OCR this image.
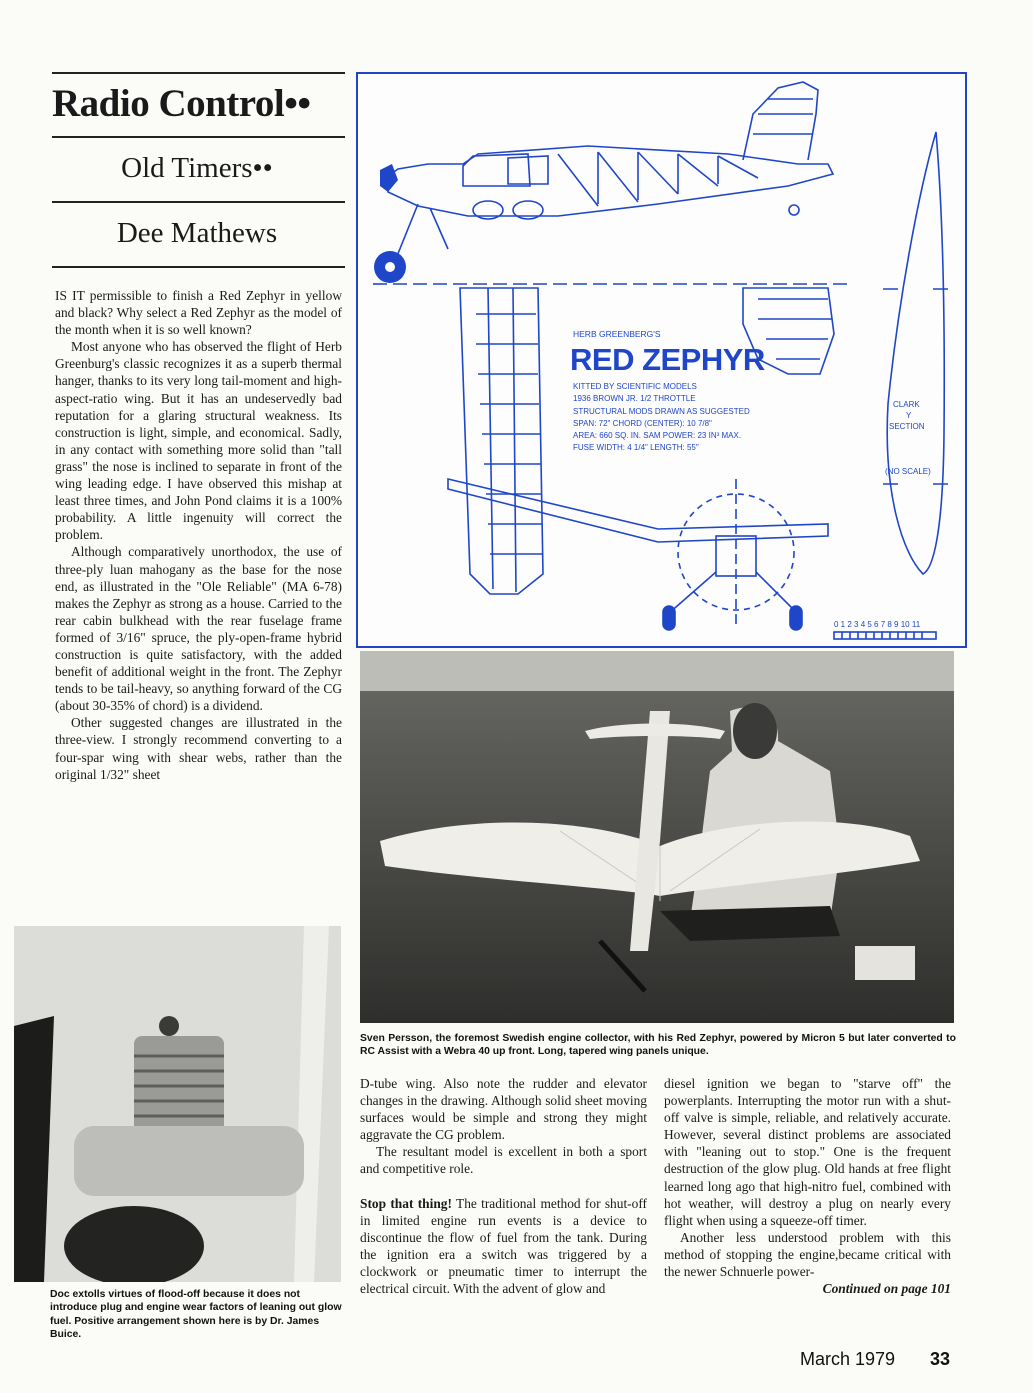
Radio Control••
Old Timers••
Dee Mathews

IS IT permissible to finish a Red Zephyr in yellow and black? Why select a Red Zephyr as the model of the month when it is so well known?

Most anyone who has observed the flight of Herb Greenburg's classic recognizes it as a superb thermal hanger, thanks to its very long tail-moment and high-aspect-ratio wing. But it has an undeservedly bad reputation for a glaring structural weakness. Its construction is light, simple, and economical. Sadly, in any contact with something more solid than "tall grass" the nose is inclined to separate in front of the wing leading edge. I have observed this mishap at least three times, and John Pond claims it is a 100% probability. A little ingenuity will correct the problem.

Although comparatively unorthodox, the use of three-ply luan mahogany as the base for the nose end, as illustrated in the "Ole Reliable" (MA 6-78) makes the Zephyr as strong as a house. Carried to the rear cabin bulkhead with the rear fuselage frame formed of 3/16" spruce, the ply-open-frame hybrid construction is quite satisfactory, with the added benefit of additional weight in the front. The Zephyr tends to be tail-heavy, so anything forward of the CG (about 30-35% of chord) is a dividend.

Other suggested changes are illustrated in the three-view. I strongly recommend converting to a four-spar wing with shear webs, rather than the original 1/32" sheet

HERB GREENBERG'S
RED ZEPHYR
KITTED BY SCIENTIFIC MODELS
1936 BROWN JR. 1/2 THROTTLE
STRUCTURAL MODS DRAWN AS SUGGESTED
SPAN: 72" CHORD (CENTER): 10 7/8"
AREA: 660 SQ. IN. SAM POWER: 23 IN³ MAX.
FUSE WIDTH: 4 1/4" LENGTH: 55"
CLARK
Y
SECTION
(NO SCALE)
0 1 2 3 4 5 6 7 8 9 10 11
Sven Persson, the foremost Swedish engine collector, with his Red Zephyr, powered by Micron 5 but later converted to RC Assist with a Webra 40 up front. Long, tapered wing panels unique.
Doc extolls virtues of flood-off because it does not introduce plug and engine wear factors of leaning out glow fuel. Positive arrangement shown here is by Dr. James Buice.

D-tube wing. Also note the rudder and elevator changes in the drawing. Although solid sheet moving surfaces would be simple and strong they might aggravate the CG problem.

The resultant model is excellent in both a sport and competitive role.

Stop that thing! The traditional method for shut-off in limited engine run events is a device to discontinue the flow of fuel from the tank. During the ignition era a switch was triggered by a clockwork or pneumatic timer to interrupt the electrical circuit. With the advent of glow and

diesel ignition we began to "starve off" the powerplants. Interrupting the motor run with a shut-off valve is simple, reliable, and relatively accurate. However, several distinct problems are associated with "leaning out to stop." One is the frequent destruction of the glow plug. Old hands at free flight learned long ago that high-nitro fuel, combined with hot weather, will destroy a plug on nearly every flight when using a squeeze-off timer.

Another less understood problem with this method of stopping the engine,became critical with the newer Schnuerle power-

Continued on page 101

March 1979 33
